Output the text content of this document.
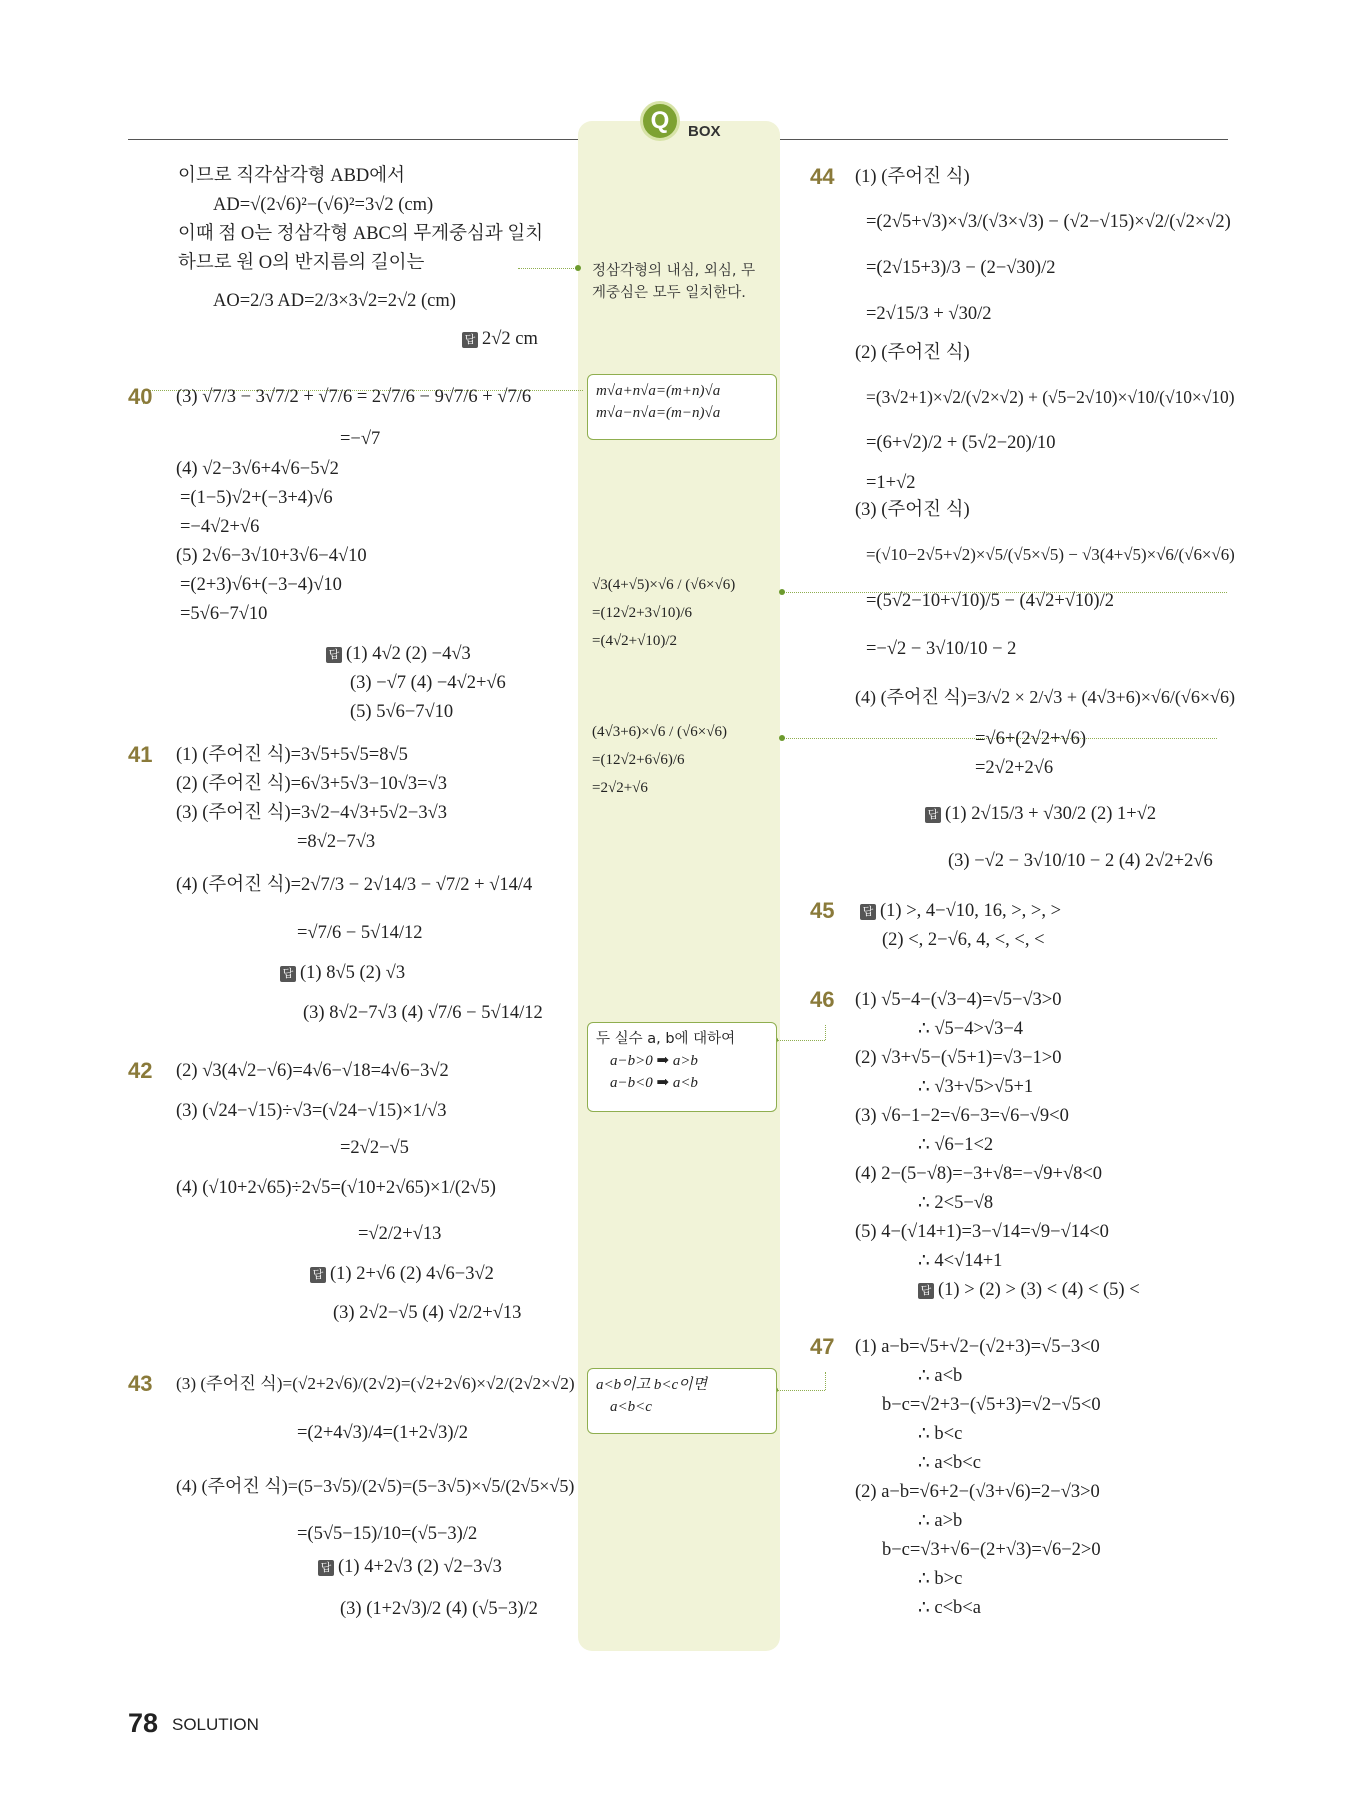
Q	BOX
정삼각형의 내심, 외심, 무
게중심은 모두 일치한다.
m√a+n√a=(m+n)√a
m√a−n√a=(m−n)√a
√3(4+√5)×√6 / (√6×√6)
=(12√2+3√10)/6
=(4√2+√10)/2
(4√3+6)×√6 / (√6×√6)
=(12√2+6√6)/6
=2√2+√6
두 실수 a, b에 대하여
a−b>0 ➡ a>b
a−b<0 ➡ a<b
a<b이고 b<c이면
a<b<c
이므로 직각삼각형 ABD에서
AD=√(2√6)²−(√6)²=3√2 (cm)
이때 점 O는 정삼각형 ABC의 무게중심과 일치
하므로 원 O의 반지름의 길이는
AO=2/3 AD=2/3×3√2=2√2 (cm)
(3) √7/3 − 3√7/2 + √7/6 = 2√7/6 − 9√7/6 + √7/6
=−√7
(4) √2−3√6+4√6−5√2
=(1−5)√2+(−3+4)√6
=−4√2+√6
(5) 2√6−3√10+3√6−4√10
=(2+3)√6+(−3−4)√10
=5√6−7√10
(1) (주어진 식)=3√5+5√5=8√5
(2) (주어진 식)=6√3+5√3−10√3=√3
(3) (주어진 식)=3√2−4√3+5√2−3√3
=8√2−7√3
(4) (주어진 식)=2√7/3 − 2√14/3 − √7/2 + √14/4
=√7/6 − 5√14/12
(2) √3(4√2−√6)=4√6−√18=4√6−3√2
(3) (√24−√15)÷√3=(√24−√15)×1/√3
=2√2−√5
(4) (√10+2√65)÷2√5=(√10+2√65)×1/(2√5)
=√2/2+√13
(3) (주어진 식)=(√2+2√6)/(2√2)=(√2+2√6)×√2/(2√2×√2)
=(2+4√3)/4=(1+2√3)/2
(4) (주어진 식)=(5−3√5)/(2√5)=(5−3√5)×√5/(2√5×√5)
=(5√5−15)/10=(√5−3)/2
(1) (주어진 식)
=(2√5+√3)×√3/(√3×√3) − (√2−√15)×√2/(√2×√2)
=(2√15+3)/3 − (2−√30)/2
=2√15/3 + √30/2
(2) (주어진 식)
=(3√2+1)×√2/(√2×√2) + (√5−2√10)×√10/(√10×√10)
=(6+√2)/2 + (5√2−20)/10
=1+√2
(3) (주어진 식)
=(√10−2√5+√2)×√5/(√5×√5) − √3(4+√5)×√6/(√6×√6)
=(5√2−10+√10)/5 − (4√2+√10)/2
=−√2 − 3√10/10 − 2
(4) (주어진 식)=3/√2 × 2/√3 + (4√3+6)×√6/(√6×√6)
=√6+(2√2+√6)
=2√2+2√6
(1) √5−4−(√3−4)=√5−√3>0
∴ √5−4>√3−4
(2) √3+√5−(√5+1)=√3−1>0
∴ √3+√5>√5+1
(3) √6−1−2=√6−3=√6−√9<0
∴ √6−1<2
(4) 2−(5−√8)=−3+√8=−√9+√8<0
∴ 2<5−√8
(5) 4−(√14+1)=3−√14=√9−√14<0
∴ 4<√14+1
(1) a−b=√5+√2−(√2+3)=√5−3<0
∴ a<b
b−c=√2+3−(√5+3)=√2−√5<0
∴ b<c
∴ a<b<c
(2) a−b=√6+2−(√3+√6)=2−√3>0
∴ a>b
b−c=√3+√6−(2+√3)=√6−2>0
∴ b>c
∴ c<b<a
답 2√2 cm
답 (1) 4√2 (2) −4√3
(3) −√7 (4) −4√2+√6
(5) 5√6−7√10
답 (1) 8√5 (2) √3
(3) 8√2−7√3 (4) √7/6 − 5√14/12
답 (1) 2+√6 (2) 4√6−3√2
(3) 2√2−√5 (4) √2/2+√13
답 (1) 4+2√3 (2) √2−3√3
(3) (1+2√3)/2 (4) (√5−3)/2
답 (1) 2√15/3 + √30/2 (2) 1+√2
(3) −√2 − 3√10/10 − 2 (4) 2√2+2√6
답 (1) >, 4−√10, 16, >, >, >
(2) <, 2−√6, 4, <, <, <
답 (1) > (2) > (3) < (4) < (5) <
40
41
42
43
44
45
46
47
78 SOLUTION
